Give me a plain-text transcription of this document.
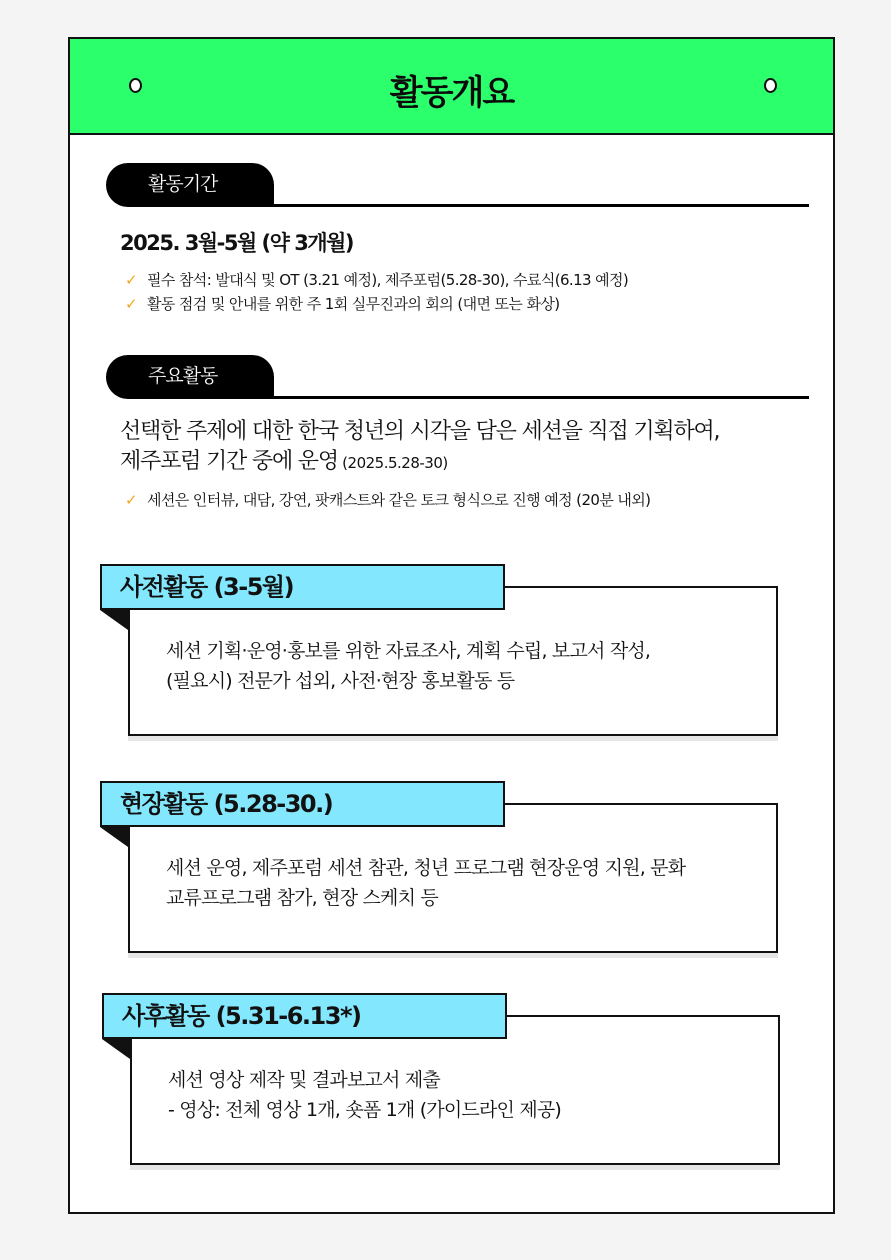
활동개요
활동기간
2025. 3월-5월 (약 3개월)
✓ 필수 참석: 발대식 및 OT (3.21 예정), 제주포럼(5.28-30), 수료식(6.13 예정)
✓ 활동 점검 및 안내를 위한 주 1회 실무진과의 회의 (대면 또는 화상)
주요활동
선택한 주제에 대한 한국 청년의 시각을 담은 세션을 직접 기획하여,
제주포럼 기간 중에 운영 (2025.5.28-30)
✓ 세션은 인터뷰, 대담, 강연, 팟캐스트와 같은 토크 형식으로 진행 예정 (20분 내외)
사전활동 (3-5월)
세션 기획·운영·홍보를 위한 자료조사, 계획 수립, 보고서 작성,
(필요시) 전문가 섭외, 사전·현장 홍보활동 등
현장활동 (5.28-30.)
세션 운영, 제주포럼 세션 참관, 청년 프로그램 현장운영 지원, 문화
교류프로그램 참가, 현장 스케치 등
사후활동 (5.31-6.13*)
세션 영상 제작 및 결과보고서 제출
- 영상: 전체 영상 1개, 숏폼 1개 (가이드라인 제공)
